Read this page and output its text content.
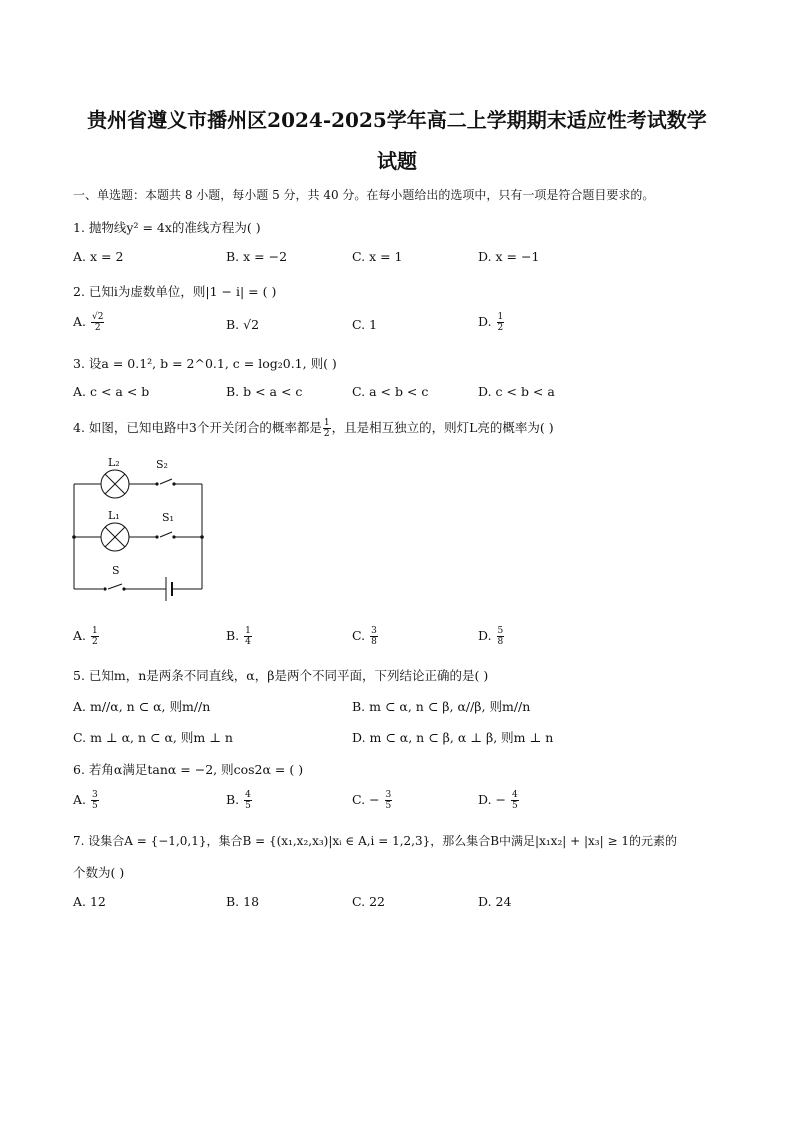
贵州省遵义市播州区2024-2025学年高二上学期期末适应性考试数学
试题
一、单选题：本题共 8 小题，每小题 5 分，共 40 分。在每小题给出的选项中，只有一项是符合题目要求的。
1. 抛物线y² = 4x的准线方程为( )
A. x = 2	B. x = −2	C. x = 1	D. x = −1
2. 已知i为虚数单位，则|1 − i| = ( )
A. $\frac{√2}{2}$	B. √2	C. 1	D. $\frac{1}{2}$
3. 设a = 0.1², b = 2^0.1, c = log₂0.1, 则( )
A. c < a < b	B. b < a < c	C. a < b < c	D. c < b < a
4. 如图，已知电路中3个开关闭合的概率都是 $\frac{1}{2}$ ，且是相互独立的，则灯L亮的概率为( )
L₂	S₂
L₁	S₁
S
A. $\frac{1}{2}$	B. $\frac{1}{4}$	C. $\frac{3}{8}$	D. $\frac{5}{8}$
5. 已知m，n是两条不同直线，α，β是两个不同平面，下列结论正确的是( )
A. m//α, n ⊂ α, 则m//n	B. m ⊂ α, n ⊂ β, α//β, 则m//n
C. m ⊥ α, n ⊂ α, 则m ⊥ n	D. m ⊂ α, n ⊂ β, α ⊥ β, 则m ⊥ n
6. 若角α满足tanα = −2, 则cos2α = ( )
A. $\frac{3}{5}$	B. $\frac{4}{5}$	C. − $\frac{3}{5}$	D. − $\frac{4}{5}$
7. 设集合A = {−1,0,1}，集合B = {(x₁,x₂,x₃)|xᵢ ∈ A,i = 1,2,3}，那么集合B中满足|x₁x₂| + |x₃| ≥ 1的元素的
个数为( )
A. 12	B. 18	C. 22	D. 24
